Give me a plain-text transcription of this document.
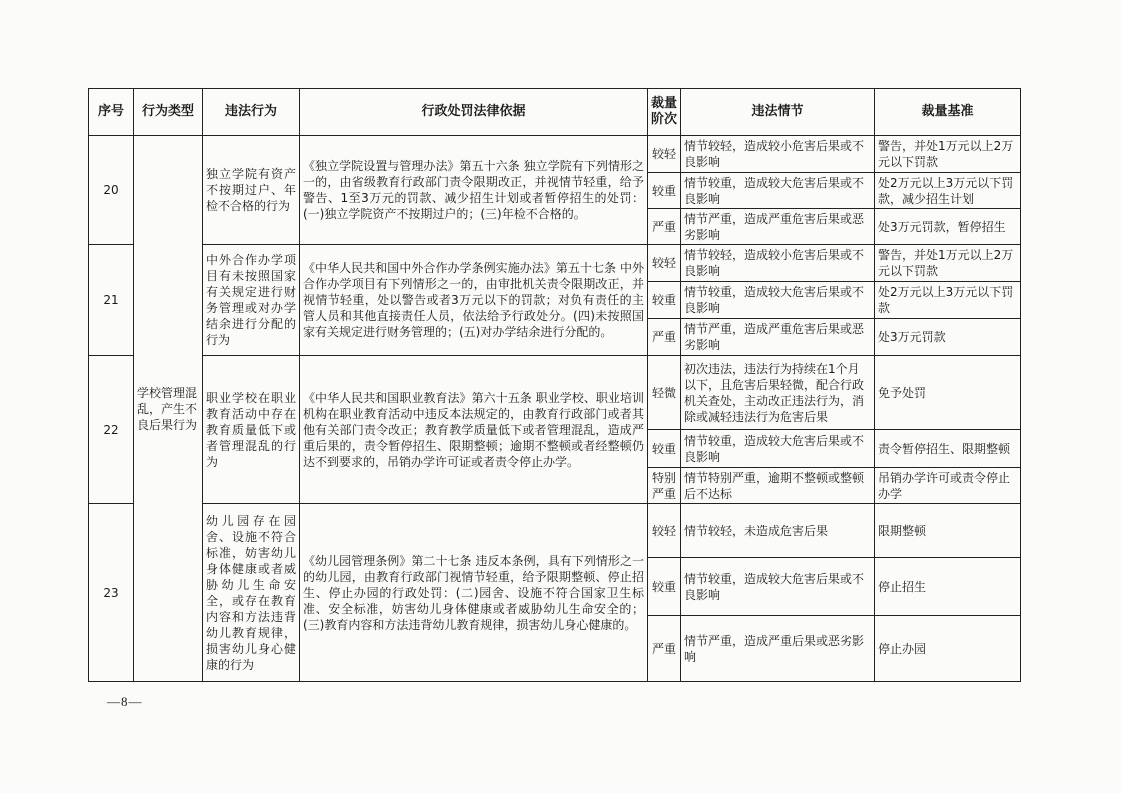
序号	行为类型	违法行为	行政处罚法律依据	裁量阶次	违法情节	裁量基准
20	学校管理混乱，产生不良后果行为	独立学院有资产不按期过户、年检不合格的行为	《独立学院设置与管理办法》第五十六条 独立学院有下列情形之一的，由省级教育行政部门责令限期改正，并视情节轻重，给予警告、1至3万元的罚款、减少招生计划或者暂停招生的处罚：(一)独立学院资产不按期过户的；(三)年检不合格的。	较轻	情节较轻，造成较小危害后果或不良影响	警告，并处1万元以上2万元以下罚款
				较重	情节较重，造成较大危害后果或不良影响	处2万元以上3万元以下罚款，减少招生计划
				严重	情节严重，造成严重危害后果或恶劣影响	处3万元罚款，暂停招生
21		中外合作办学项目有未按照国家有关规定进行财务管理或对办学结余进行分配的行为	《中华人民共和国中外合作办学条例实施办法》第五十七条 中外合作办学项目有下列情形之一的，由审批机关责令限期改正，并视情节轻重，处以警告或者3万元以下的罚款；对负有责任的主管人员和其他直接责任人员，依法给予行政处分。(四)未按照国家有关规定进行财务管理的；(五)对办学结余进行分配的。	较轻	情节较轻，造成较小危害后果或不良影响	警告，并处1万元以上2万元以下罚款
				较重	情节较重，造成较大危害后果或不良影响	处2万元以上3万元以下罚款
				严重	情节严重，造成严重危害后果或恶劣影响	处3万元罚款
22		职业学校在职业教育活动中存在教育质量低下或者管理混乱的行为	《中华人民共和国职业教育法》第六十五条 职业学校、职业培训机构在职业教育活动中违反本法规定的，由教育行政部门或者其他有关部门责令改正；教育教学质量低下或者管理混乱，造成严重后果的，责令暂停招生、限期整顿；逾期不整顿或者经整顿仍达不到要求的，吊销办学许可证或者责令停止办学。	轻微	初次违法，违法行为持续在1个月以下，且危害后果轻微，配合行政机关查处，主动改正违法行为，消除或减轻违法行为危害后果	免予处罚
				较重	情节较重，造成较大危害后果或不良影响	责令暂停招生、限期整顿
				特别严重	情节特别严重，逾期不整顿或整顿后不达标	吊销办学许可或责令停止办学
23		幼儿园存在园舍、设施不符合标准，妨害幼儿身体健康或者威胁幼儿生命安全，或存在教育内容和方法违背幼儿教育规律，损害幼儿身心健康的行为	《幼儿园管理条例》第二十七条 违反本条例，具有下列情形之一的幼儿园，由教育行政部门视情节轻重，给予限期整顿、停止招生、停止办园的行政处罚：(二)园舍、设施不符合国家卫生标准、安全标准，妨害幼儿身体健康或者威胁幼儿生命安全的；(三)教育内容和方法违背幼儿教育规律，损害幼儿身心健康的。	较轻	情节较轻，未造成危害后果	限期整顿
				较重	情节较重，造成较大危害后果或不良影响	停止招生
				严重	情节严重，造成严重后果或恶劣影响	停止办园
—8—
